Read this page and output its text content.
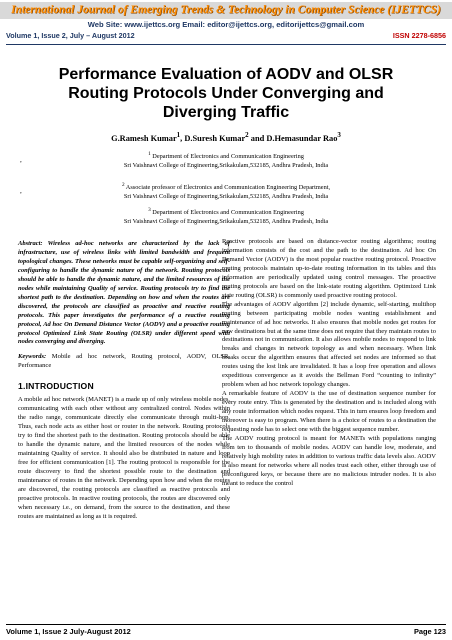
International Journal of Emerging Trends & Technology in Computer Science (IJETTCS)
Web Site: www.ijettcs.org Email: editor@ijettcs.org, editorijettcs@gmail.com
Volume 1, Issue 2, July – August 2012	ISSN 2278-6856
Performance Evaluation of AODV and OLSR
Routing Protocols Under Converging and
Diverging Traffic
G.Ramesh Kumar$^1$, D.Suresh Kumar$^2$ and D.Hemasundar Rao$^3$
$^1$ Department of Electronics and Communication Engineering
Sri Vaishnavi College of Engineering,Srikakulam,532185, Andhra Pradesh, India
,
$^2$ Associate professor of Electronics and Communication Engineering Department,
Sri Vaishnavi College of Engineering,Srikakulam,532185, Andhra Pradesh, India
,
$^3$ Department of Electronics and Communication Engineering
Sri Vaishnavi College of Engineering,Srikakulam,532185, Andhra Pradesh, India

Abstract: Wireless ad-hoc networks are characterized by the lack of infrastructure, use of wireless links with limited bandwidth and frequent topological changes. These networks must be capable self-organizing and self-configuring to handle the dynamic nature of the network. Routing protocols should be able to handle the dynamic nature, and the limited resources of the nodes while maintaining Quality of service. Routing protocols try to find the shortest path to the destination. Depending on how and when the routes are discovered, the protocols are classified as proactive and reactive routing protocols. This paper investigates the performance of a reactive routing protocol, Ad hoc On Demand Distance Vector (AODV) and a proactive routing protocol Optimized Link State Routing (OLSR) under different speed with nodes converging and diverging.

Keywords: Mobile ad hoc network, Routing protocol, AODV, OLSR, Performance

1.INTRODUCTION

A mobile ad hoc network (MANET) is a made up of only wireless mobile nodes, communicating with each other without any centralized control. Nodes within the radio range, communicate directly else communicate through multi-hop. Thus, each node acts as either host or router in the network. Routing protocols try to find the shortest path to the destination. Routing protocols should be able to handle the dynamic nature, and the limited resources of the nodes while maintaining Quality of service. It should also be distributed in nature and loop free for efficient communication [1]. The routing protocol is responsible for the route discovery to find the shortest possible route to the destination and maintenance of routes in the network. Depending upon how and when the routes are discovered, the routing protocols are classified as reactive protocols and proactive protocols. In reactive routing protocols, the routes are discovered only when necessary i.e., on demand, from the source to the destination, and these routes are maintained as long as it is required.

Reactive protocols are based on distance-vector routing algorithms; routing information consists of the cost and the path to the destination. Ad hoc On Demand Vector (AODV) is the most popular reactive routing protocol. Proactive routing protocols maintain up-to-date routing information in its tables and this information are periodically updated using control messages. The proactive routing protocols are based on the link-state routing algorithm. Optimized Link state routing (OLSR) is commonly used proactive routing protocol.

The advantages of AODV algorithm [2] include dynamic, self-starting, multihop routing between participating mobile nodes wanting establishment and maintenance of ad hoc networks. It also ensures that mobile nodes get routes for new destinations but at the same time does not require that they maintain routes to destinations not in communication. It also allows mobile nodes to respond to link breaks and changes in network topology as and when necessary. When link breaks occur the algorithm ensures that affected set nodes are informed so that routes using the lost link are invalidated. It has a loop free operation and allows expeditious convergence as it avoids the Bellman Ford “counting to infinity” problem when ad hoc network topology changes.

A remarkable feature of AODV is the use of destination sequence number for every route entry. This is generated by the destination and is included along with any route information which nodes request. This in turn ensures loop freedom and moreover is easy to program. When there is a choice of routes to a destination the requesting node has to select one with the biggest sequence number.

The AODV routing protocol is meant for MANETs with populations ranging from ten to thousands of mobile nodes. AODV can handle low, moderate, and relatively high mobility rates in addition to various traffic data levels also. AODV is also meant for networks where all nodes trust each other, either through use of preconfigured keys, or because there are no malicious intruder nodes. It is also meant to reduce the control

Volume 1, Issue 2 July-August 2012	Page 123
